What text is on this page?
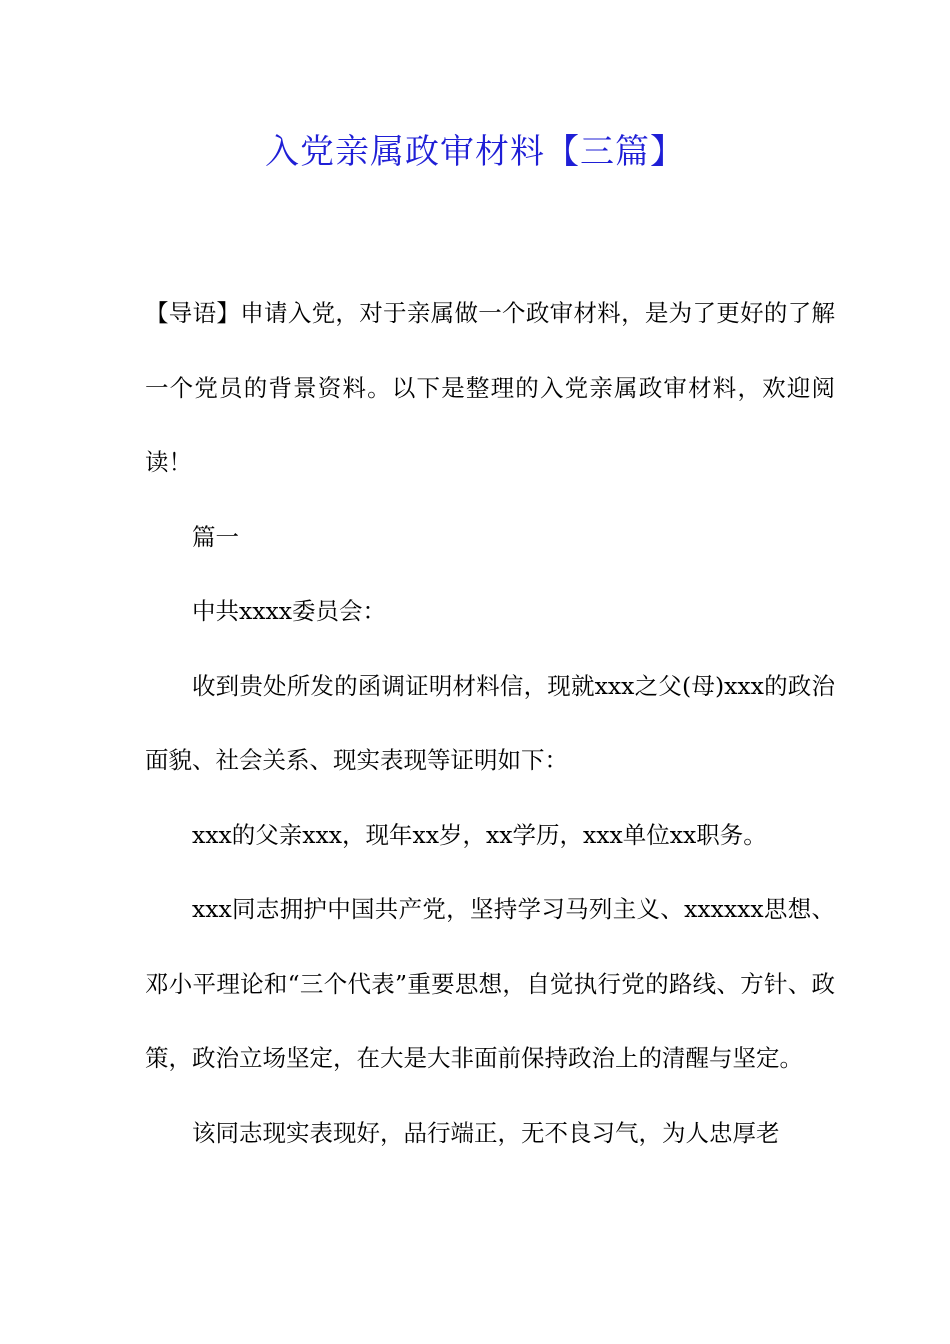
入党亲属政审材料【三篇】

【导语】申请入党，对于亲属做一个政审材料，是为了更好的了解一个党员的背景资料。以下是整理的入党亲属政审材料，欢迎阅读！

篇一

中共xxxx委员会：

收到贵处所发的函调证明材料信，现就xxx之父(母)xxx的政治面貌、社会关系、现实表现等证明如下：

xxx的父亲xxx，现年xx岁，xx学历，xxx单位xx职务。

xxx同志拥护中国共产党，坚持学习马列主义、xxxxxx思想、邓小平理论和“三个代表”重要思想，自觉执行党的路线、方针、政策，政治立场坚定，在大是大非面前保持政治上的清醒与坚定。

该同志现实表现好，品行端正，无不良习气，为人忠厚老
